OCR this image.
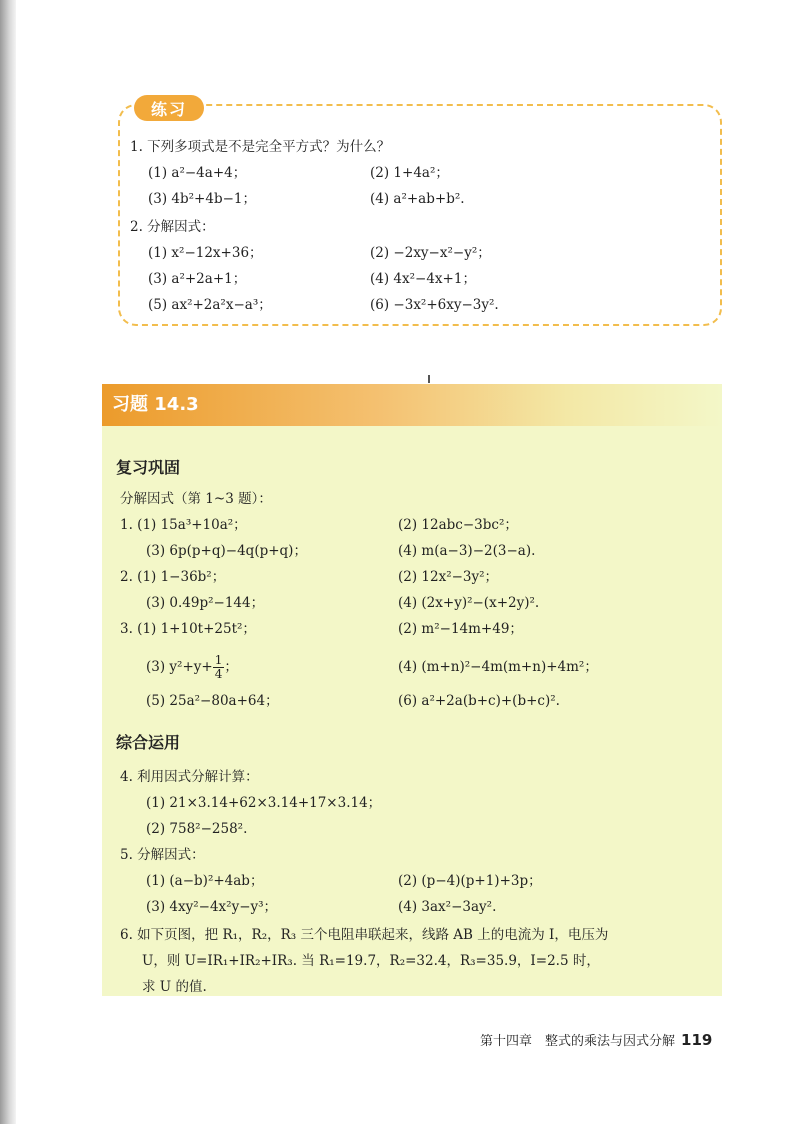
练习
1. 下列多项式是不是完全平方式？为什么？
(1) a²−4a+4；	(2) 1+4a²；
(3) 4b²+4b−1；	(4) a²+ab+b².
2. 分解因式：
(1) x²−12x+36；	(2) −2xy−x²−y²；
(3) a²+2a+1；	(4) 4x²−4x+1；
(5) ax²+2a²x−a³；	(6) −3x²+6xy−3y².
习题 14.3
复习巩固
分解因式（第 1~3 题）：
1. (1) 15a³+10a²；	(2) 12abc−3bc²；
(3) 6p(p+q)−4q(p+q)；	(4) m(a−3)−2(3−a).
2. (1) 1−36b²；	(2) 12x²−3y²；
(3) 0.49p²−144；	(4) (2x+y)²−(x+2y)².
3. (1) 1+10t+25t²；	(2) m²−14m+49；
(3) $y^2+y+ \frac{1}{4}$ ；	(4) (m+n)²−4m(m+n)+4m²；
(5) 25a²−80a+64；	(6) a²+2a(b+c)+(b+c)².
综合运用
4. 利用因式分解计算：
(1) 21×3.14+62×3.14+17×3.14；
(2) 758²−258².
5. 分解因式：
(1) (a−b)²+4ab；	(2) (p−4)(p+1)+3p；
(3) 4xy²−4x²y−y³；	(4) 3ax²−3ay².
6. 如下页图，把 R₁，R₂，R₃ 三个电阻串联起来，线路 AB 上的电流为 I，电压为
U，则 U=IR₁+IR₂+IR₃. 当 R₁=19.7，R₂=32.4，R₃=35.9，I=2.5 时，
求 U 的值.
第十四章　整式的乘法与因式分解 119
